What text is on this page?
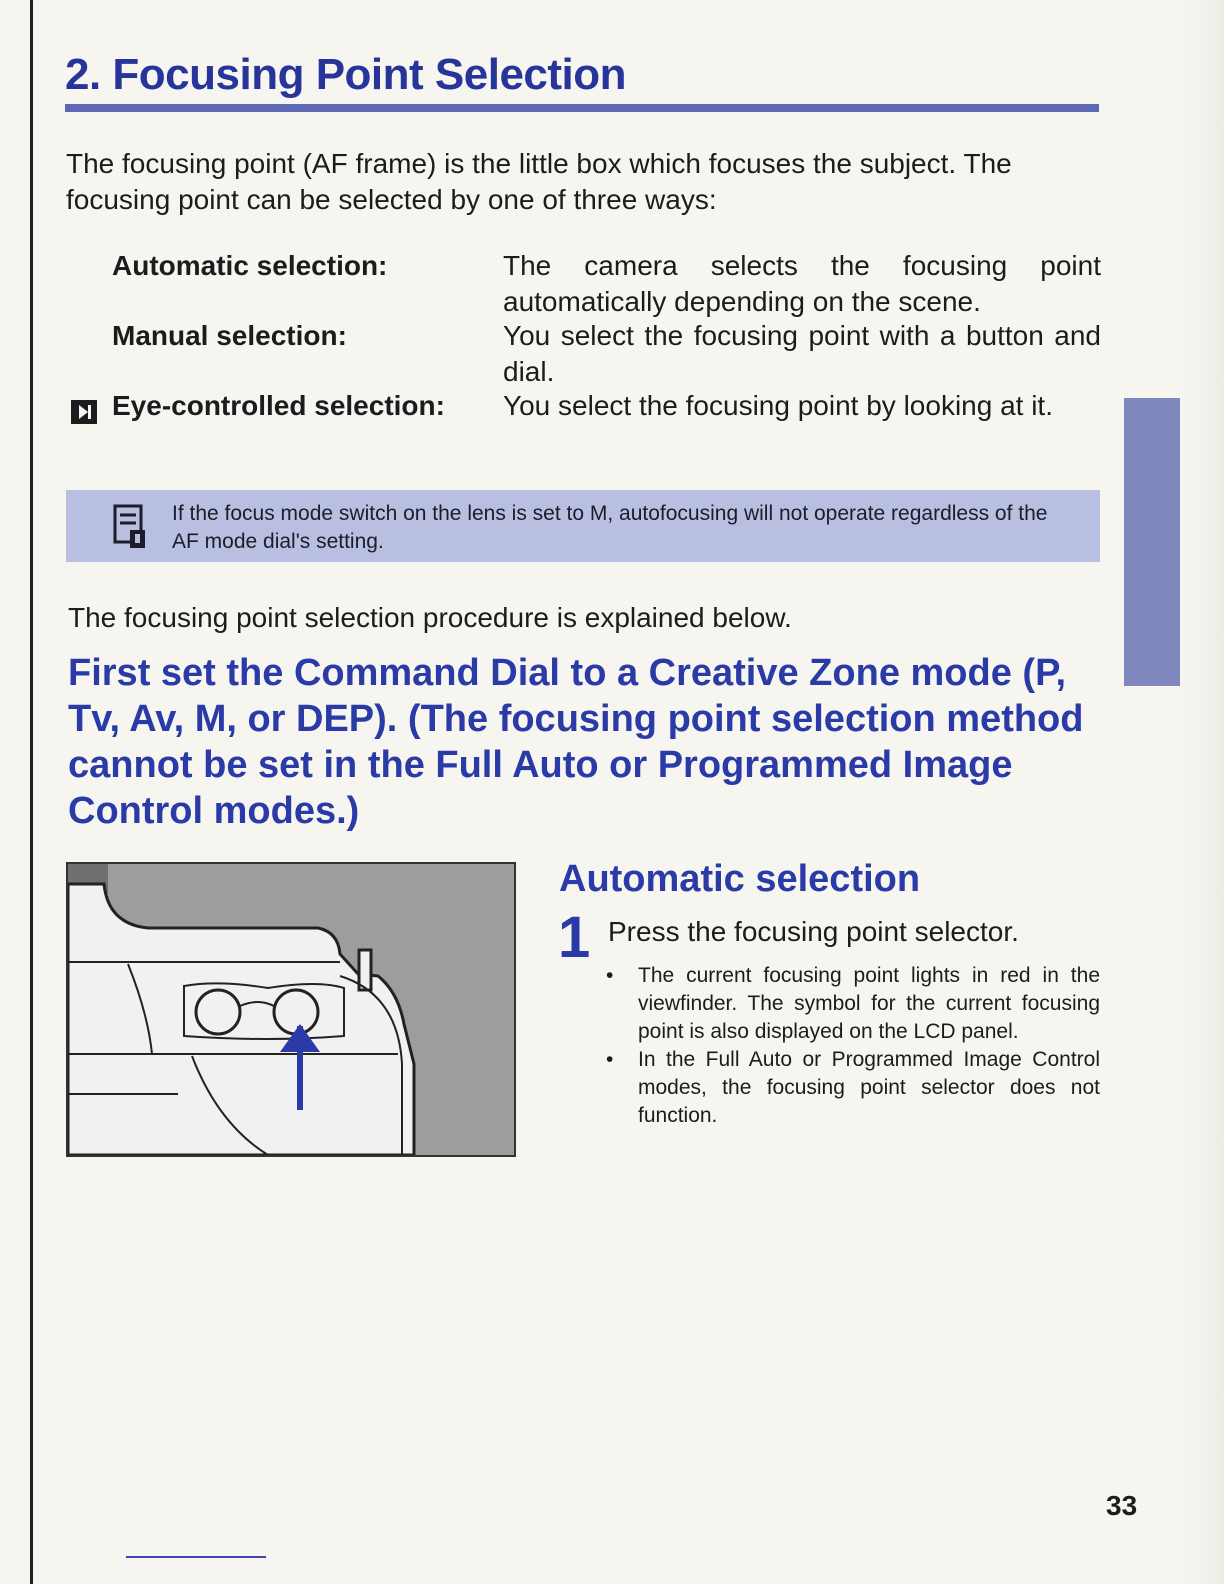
2. Focusing Point Selection

The focusing point (AF frame) is the little box which focuses the subject. The focusing point can be selected by one of three ways:

Automatic selection:	The camera selects the focusing point automatically depending on the scene.
Manual selection:	You select the focusing point with a button and dial.
Eye-controlled selection: You select the focusing point by looking at it.
If the focus mode switch on the lens is set to M, autofocusing will not operate regardless of the AF mode dial's setting.

The focusing point selection procedure is explained below.

First set the Command Dial to a Creative Zone mode (P, Tv, Av, M, or DEP). (The focusing point selection method cannot be set in the Full Auto or Programmed Image Control modes.)

Automatic selection
1 Press the focusing point selector.
• The current focusing point lights in red in the viewfinder. The symbol for the current focusing point is also displayed on the LCD panel.
• In the Full Auto or Programmed Image Control modes, the focusing point selector does not function.
33
